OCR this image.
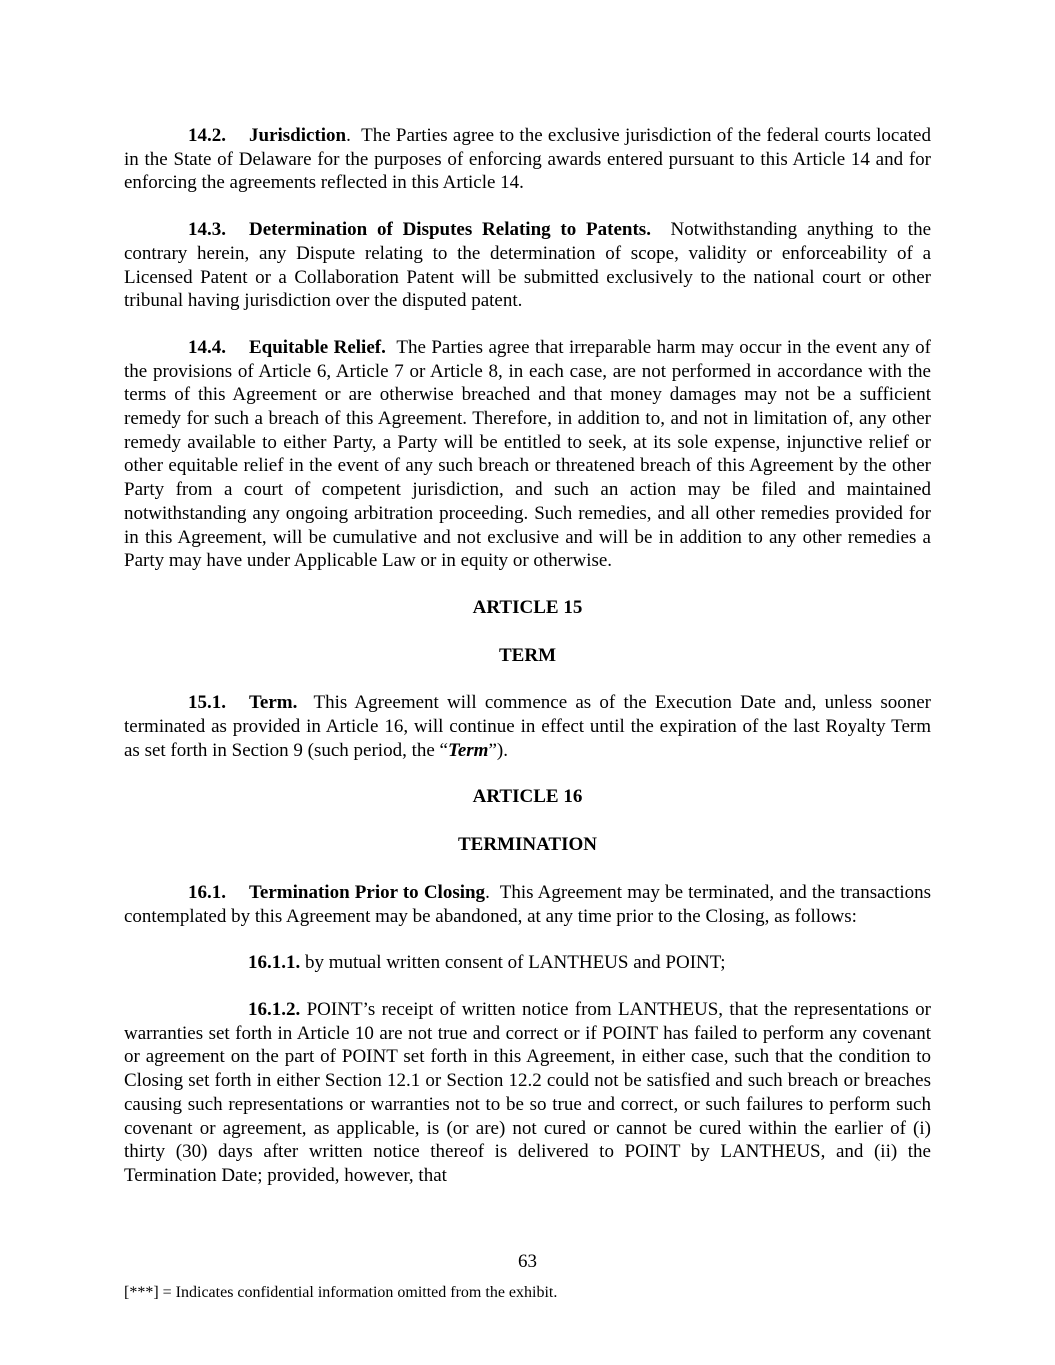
14.2. Jurisdiction. The Parties agree to the exclusive jurisdiction of the federal courts located in the State of Delaware for the purposes of enforcing awards entered pursuant to this Article 14 and for enforcing the agreements reflected in this Article 14.

14.3. Determination of Disputes Relating to Patents. Notwithstanding anything to the contrary herein, any Dispute relating to the determination of scope, validity or enforceability of a Licensed Patent or a Collaboration Patent will be submitted exclusively to the national court or other tribunal having jurisdiction over the disputed patent.

14.4. Equitable Relief. The Parties agree that irreparable harm may occur in the event any of the provisions of Article 6, Article 7 or Article 8, in each case, are not performed in accordance with the terms of this Agreement or are otherwise breached and that money damages may not be a sufficient remedy for such a breach of this Agreement. Therefore, in addition to, and not in limitation of, any other remedy available to either Party, a Party will be entitled to seek, at its sole expense, injunctive relief or other equitable relief in the event of any such breach or threatened breach of this Agreement by the other Party from a court of competent jurisdiction, and such an action may be filed and maintained notwithstanding any ongoing arbitration proceeding. Such remedies, and all other remedies provided for in this Agreement, will be cumulative and not exclusive and will be in addition to any other remedies a Party may have under Applicable Law or in equity or otherwise.

ARTICLE 15

TERM

15.1. Term. This Agreement will commence as of the Execution Date and, unless sooner terminated as provided in Article 16, will continue in effect until the expiration of the last Royalty Term as set forth in Section 9 (such period, the “Term”).

ARTICLE 16

TERMINATION

16.1. Termination Prior to Closing. This Agreement may be terminated, and the transactions contemplated by this Agreement may be abandoned, at any time prior to the Closing, as follows:

16.1.1. by mutual written consent of LANTHEUS and POINT;

16.1.2. POINT’s receipt of written notice from LANTHEUS, that the representations or warranties set forth in Article 10 are not true and correct or if POINT has failed to perform any covenant or agreement on the part of POINT set forth in this Agreement, in either case, such that the condition to Closing set forth in either Section 12.1 or Section 12.2 could not be satisfied and such breach or breaches causing such representations or warranties not to be so true and correct, or such failures to perform such covenant or agreement, as applicable, is (or are) not cured or cannot be cured within the earlier of (i) thirty (30) days after written notice thereof is delivered to POINT by LANTHEUS, and (ii) the Termination Date; provided, however, that

63
[***] = Indicates confidential information omitted from the exhibit.
